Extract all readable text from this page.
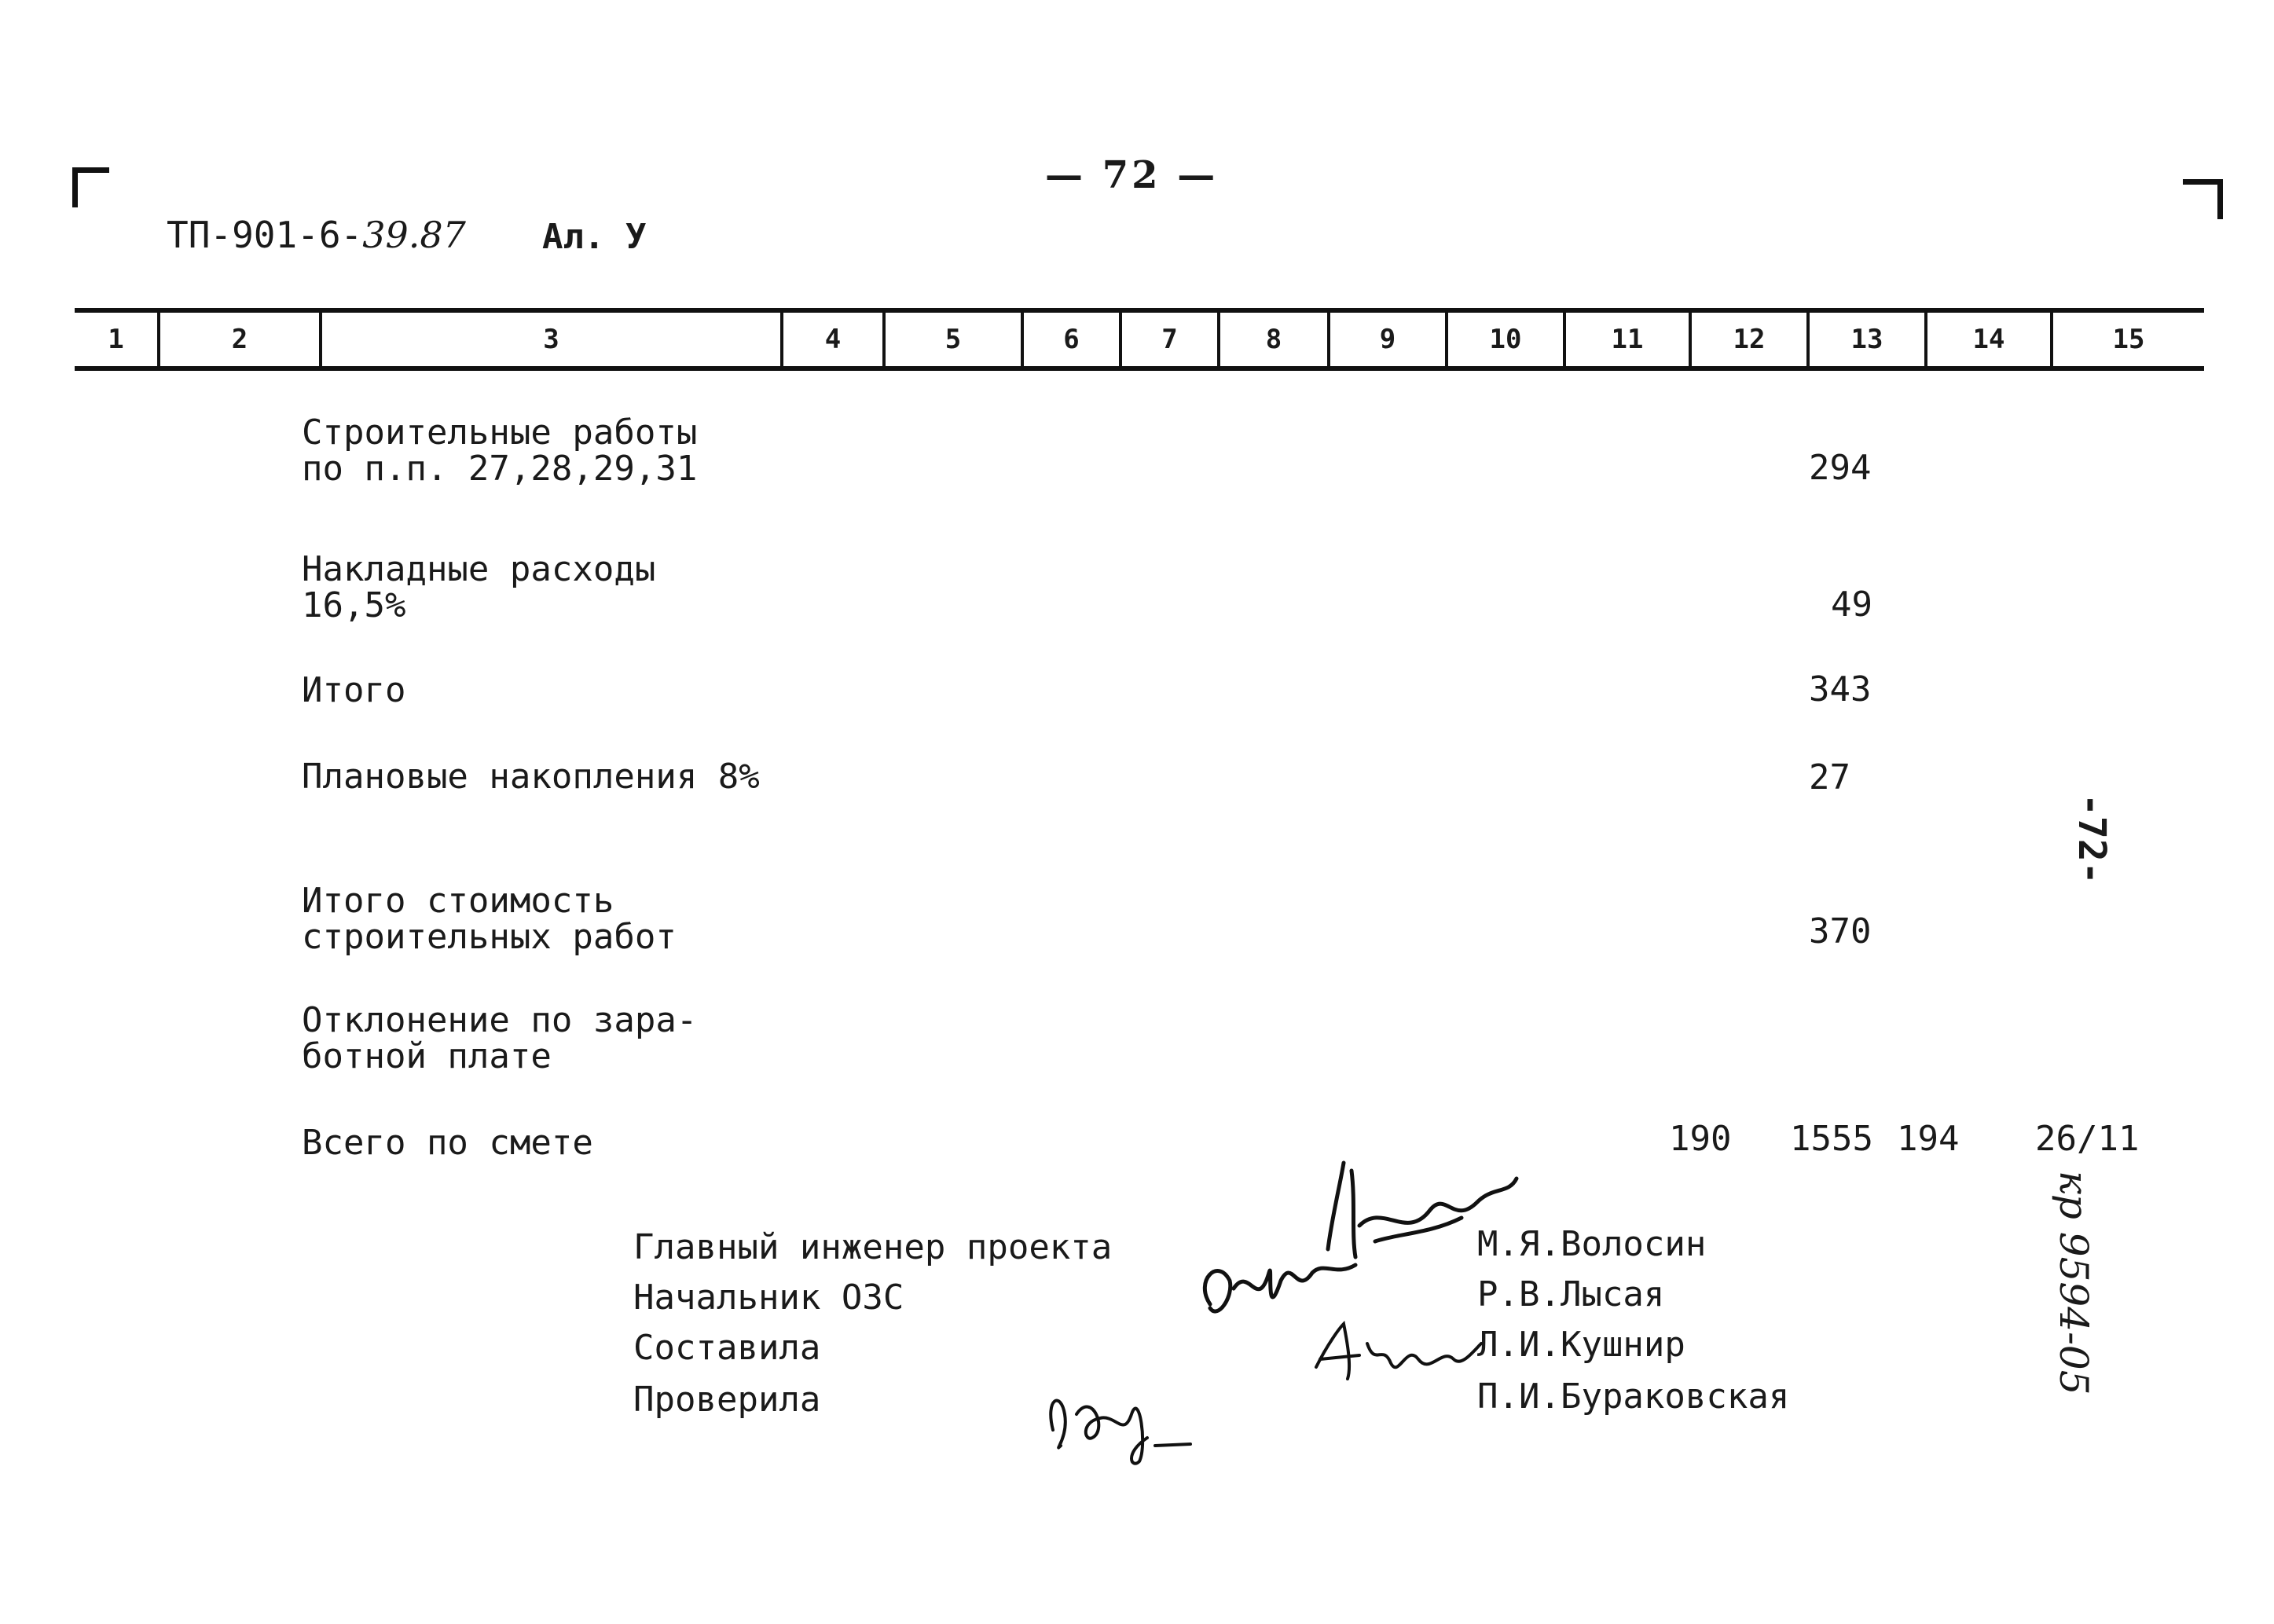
— 72 —
ТП-901-6-39.87 Ал. У
1	2	3	4	5	6	7	8	9	10	11	12	13	14	15
Строительные работы
по п.п. 27,28,29,31	294
Накладные расходы
16,5%	49
Итого	343
Плановые накопления 8%	27
Итого стоимость
строительных работ	370
Отклонение по зара-
ботной плате
Всего по смете	190 1555 194 26/11
Главный инженер проекта	М.Я.Волосин
Начальник ОЗС	Р.В.Лысая
Составила	Л.И.Кушнир
Проверила	П.И.Бураковская
-72-
кр 9594-05
